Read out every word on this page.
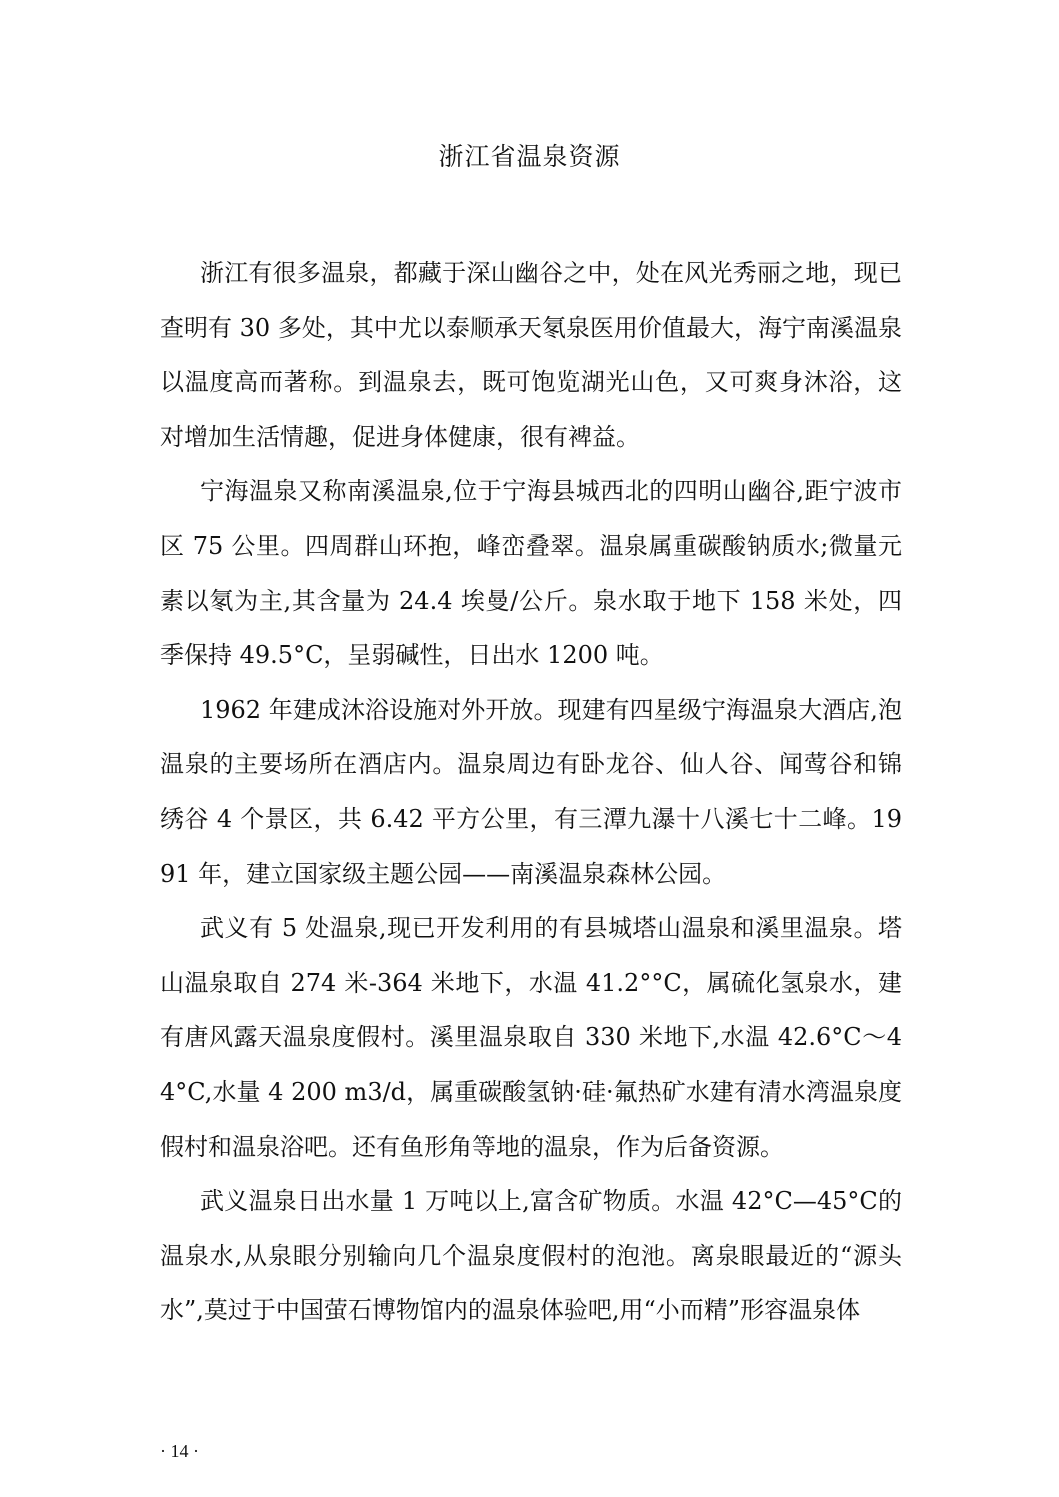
浙江省温泉资源

浙江有很多温泉，都藏于深山幽谷之中，处在风光秀丽之地，现已查明有 30 多处，其中尤以泰顺承天氡泉医用价值最大，海宁南溪温泉以温度高而著称。到温泉去，既可饱览湖光山色，又可爽身沐浴，这对增加生活情趣，促进身体健康，很有裨益。

宁海温泉又称南溪温泉,位于宁海县城西北的四明山幽谷,距宁波市区 75 公里。四周群山环抱，峰峦叠翠。温泉属重碳酸钠质水;微量元素以氡为主,其含量为 24.4 埃曼/公斤。泉水取于地下 158 米处，四季保持 49.5°C，呈弱碱性，日出水 1200 吨。

1962 年建成沐浴设施对外开放。现建有四星级宁海温泉大酒店,泡温泉的主要场所在酒店内。温泉周边有卧龙谷、仙人谷、闻莺谷和锦绣谷 4 个景区，共 6.42 平方公里，有三潭九瀑十八溪七十二峰。1991 年，建立国家级主题公园——南溪温泉森林公园。

武义有 5 处温泉,现已开发利用的有县城塔山温泉和溪里温泉。塔山温泉取自 274 米-364 米地下，水温 41.2°°C，属硫化氢泉水，建有唐风露天温泉度假村。溪里温泉取自 330 米地下,水温 42.6°C～44°C,水量 4 200 m3/d，属重碳酸氢钠·硅·氟热矿水建有清水湾温泉度假村和温泉浴吧。还有鱼形角等地的温泉，作为后备资源。

武义温泉日出水量 1 万吨以上,富含矿物质。水温 42°C—45°C的温泉水,从泉眼分别输向几个温泉度假村的泡池。离泉眼最近的“源头水”,莫过于中国萤石博物馆内的温泉体验吧,用“小而精”形容温泉体

· 14 ·
